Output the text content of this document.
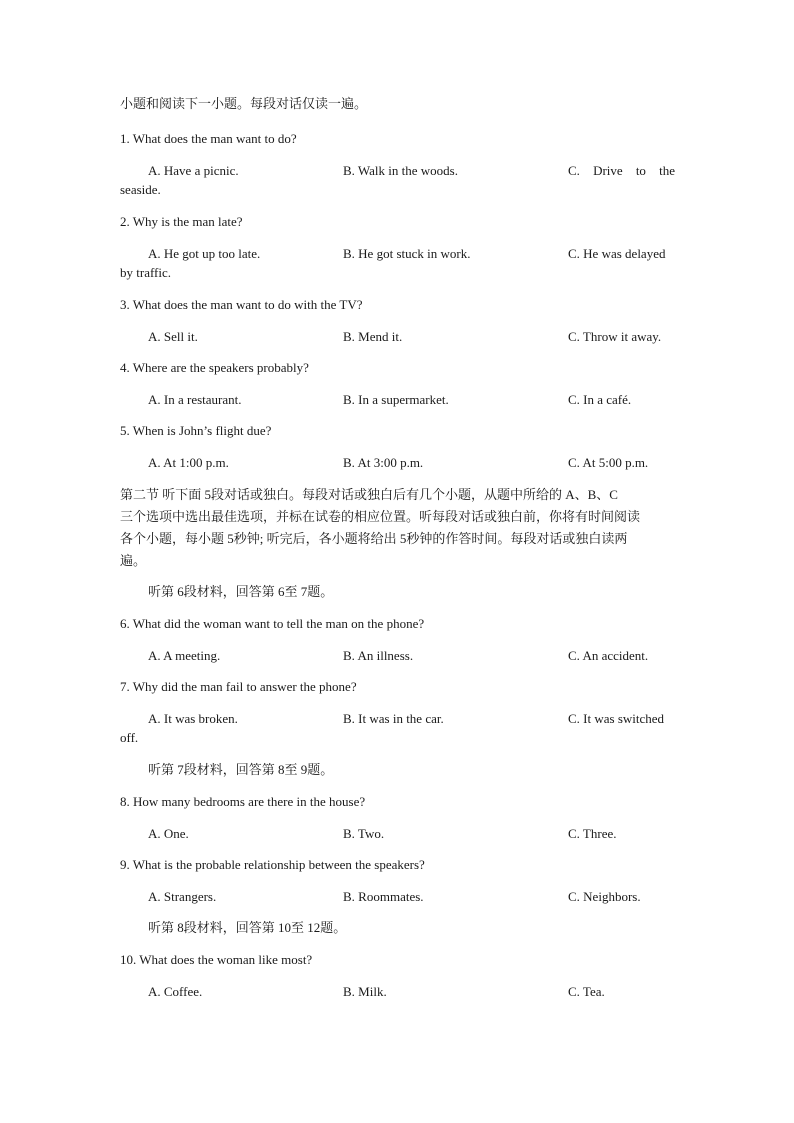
小题和阅读下一小题。每段对话仅读一遍。

1. What does the man want to do?

A. Have a picnic.	B. Walk in the woods.	C. Drive to the
seaside.

2. Why is the man late?

A. He got up too late.	B. He got stuck in work.	C. He was delayed
by traffic.

3. What does the man want to do with the TV?

A. Sell it.	B. Mend it.	C. Throw it away.

4. Where are the speakers probably?

A. In a restaurant.	B. In a supermarket.	C. In a café.

5. When is John’s flight due?

A. At 1:00 p.m.	B. At 3:00 p.m.	C. At 5:00 p.m.
第二节 听下面 5段对话或独白。每段对话或独白后有几个小题，从题中所给的 A、B、C
三个选项中选出最佳选项，并标在试卷的相应位置。听每段对话或独白前，你将有时间阅读
各个小题，每小题 5秒钟; 听完后，各小题将给出 5秒钟的作答时间。每段对话或独白读两
遍。

听第 6段材料，回答第 6至 7题。

6. What did the woman want to tell the man on the phone?

A. A meeting.	B. An illness.	C. An accident.

7. Why did the man fail to answer the phone?

A. It was broken.	B. It was in the car.	C. It was switched
off.

听第 7段材料，回答第 8至 9题。

8. How many bedrooms are there in the house?

A. One.	B. Two.	C. Three.

9. What is the probable relationship between the speakers?

A. Strangers.	B. Roommates.	C. Neighbors.

听第 8段材料，回答第 10至 12题。

10. What does the woman like most?

A. Coffee.	B. Milk.	C. Tea.
